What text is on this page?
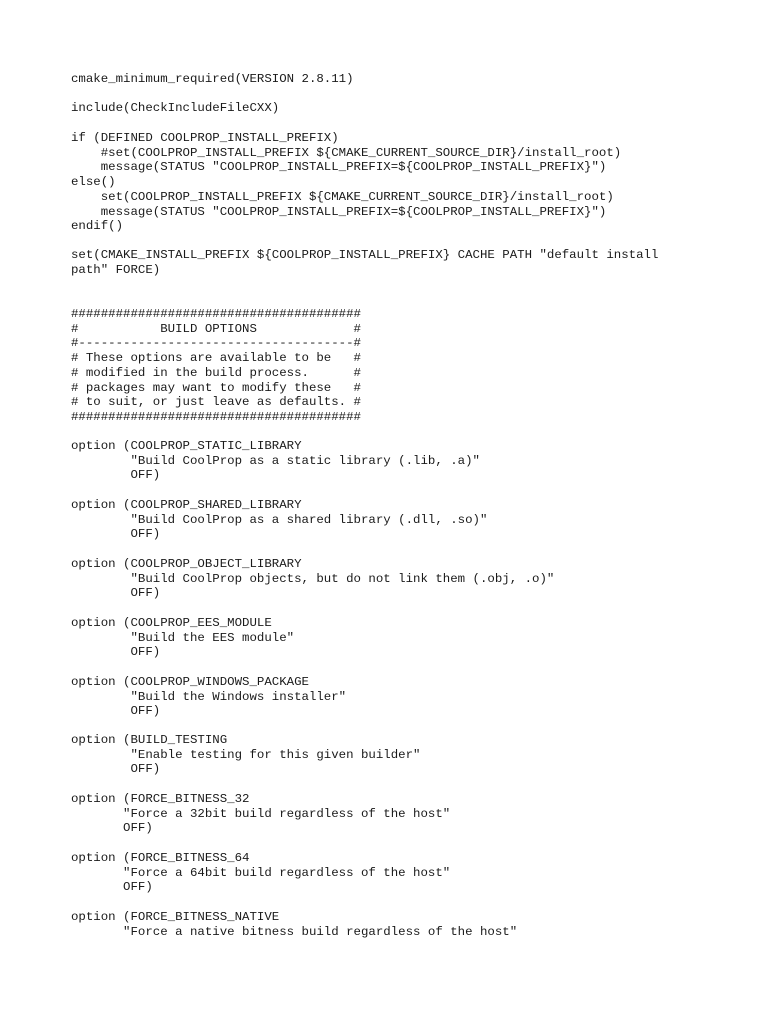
cmake_minimum_required(VERSION 2.8.11)
include(CheckIncludeFileCXX)
if (DEFINED COOLPROP_INSTALL_PREFIX)
#set(COOLPROP_INSTALL_PREFIX ${CMAKE_CURRENT_SOURCE_DIR}/install_root)
message(STATUS "COOLPROP_INSTALL_PREFIX=${COOLPROP_INSTALL_PREFIX}")
else()
set(COOLPROP_INSTALL_PREFIX ${CMAKE_CURRENT_SOURCE_DIR}/install_root)
message(STATUS "COOLPROP_INSTALL_PREFIX=${COOLPROP_INSTALL_PREFIX}")
endif()
set(CMAKE_INSTALL_PREFIX ${COOLPROP_INSTALL_PREFIX} CACHE PATH "default install
path" FORCE)
#######################################
#           BUILD OPTIONS             #
#-------------------------------------#
# These options are available to be   #
# modified in the build process.      #
# packages may want to modify these   #
# to suit, or just leave as defaults. #
#######################################
option (COOLPROP_STATIC_LIBRARY
"Build CoolProp as a static library (.lib, .a)"
OFF)
option (COOLPROP_SHARED_LIBRARY
"Build CoolProp as a shared library (.dll, .so)"
OFF)
option (COOLPROP_OBJECT_LIBRARY
"Build CoolProp objects, but do not link them (.obj, .o)"
OFF)
option (COOLPROP_EES_MODULE
"Build the EES module"
OFF)
option (COOLPROP_WINDOWS_PACKAGE
"Build the Windows installer"
OFF)
option (BUILD_TESTING
"Enable testing for this given builder"
OFF)
option (FORCE_BITNESS_32
"Force a 32bit build regardless of the host"
OFF)
option (FORCE_BITNESS_64
"Force a 64bit build regardless of the host"
OFF)
option (FORCE_BITNESS_NATIVE
"Force a native bitness build regardless of the host"
